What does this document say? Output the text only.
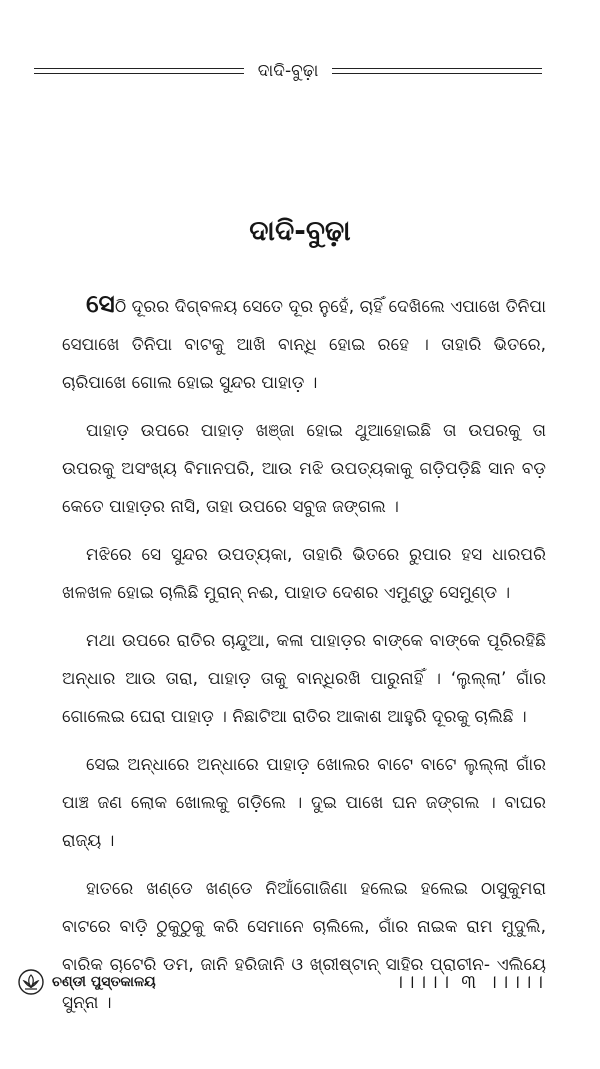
ଦାଦି-ବୁଢ଼ା
ଦାଦି-ବୁଢ଼ା

ସେଠି ଦୂରର ଦିଗ୍‌ବଳୟ ସେତେ ଦୂର ନୁହେଁ, ଚାହିଁ ଦେଖିଲେ ଏପାଖେ ତିନିପା ସେପାଖେ ତିନିପା ବାଟକୁ ଆଖି ବାନ୍ଧି ହୋଇ ରହେ । ତାହାରି ଭିତରେ, ଚାରିପାଖେ ଗୋଲ ହୋଇ ସୁନ୍ଦର ପାହାଡ଼ ।

ପାହାଡ଼ ଉପରେ ପାହାଡ଼ ଖଞ୍ଜା ହୋଇ ଥୁଆହୋଇଛି ତା ଉପରକୁ ତା ଉପରକୁ ଅସଂଖ୍ୟ ବିମାନପରି, ଆଉ ମଝି ଉପତ୍ୟକାକୁ ଗଡ଼ିପଡ଼ିଛି ସାନ ବଡ଼ କେତେ ପାହାଡ଼ର ନାସି, ତାହା ଉପରେ ସବୁଜ ଜଙ୍ଗଲ ।

ମଝିରେ ସେ ସୁନ୍ଦର ଉପତ୍ୟକା, ତାହାରି ଭିତରେ ରୁପାର ହସ ଧାରପରି ଖଳଖଳ ହୋଇ ଚାଲିଛି ମୁରାନ୍ ନଈ, ପାହାଡ ଦେଶର ଏମୁଣ୍ଡୁ ସେମୁଣ୍ଡ ।

ମଥା ଉପରେ ରାତିର ଚାନ୍ଦୁଆ, କଳା ପାହାଡ଼ର ବାଙ୍କେ ବାଙ୍କେ ପୂରିରହିଛି ଅନ୍ଧାର ଆଉ ତାରା, ପାହାଡ଼ ତାକୁ ବାନ୍ଧିରଖି ପାରୁନାହିଁ । ‘ଲୁଲ୍ଲା’ ଗାଁର ଗୋଲେଇ ଘେରା ପାହାଡ଼ । ନିଛାଟିଆ ରାତିର ଆକାଶ ଆହୁରି ଦୂରକୁ ଚାଲିଛି ।

ସେଇ ଅନ୍ଧାରେ ଅନ୍ଧାରେ ପାହାଡ଼ ଖୋଲର ବାଟେ ବାଟେ ଲୁଲ୍ଲା ଗାଁର ପାଞ୍ଚ ଜଣ ଲୋକ ଖୋଲକୁ ଗଡ଼ିଲେ । ଦୁଇ ପାଖେ ଘନ ଜଙ୍ଗଲ । ବାଘର ରାଜ୍ୟ ।

ହାତରେ ଖଣ୍ଡେ ଖଣ୍ଡେ ନିଆଁଗୋଜିଣା ହଲେଇ ହଲେଇ ଠାସୁକୁମରା ବାଟରେ ବାଡ଼ି ଠୁକୁଠୁକୁ କରି ସେମାନେ ଚାଲିଲେ, ଗାଁର ନାଇକ ରାମ ମୁଦୁଲି, ବାରିକ ଚାଟେରି ଡମ, ଜାନି ହରିଜାନି ଓ ଖ୍ରୀଷ୍ଟାନ୍ ସାହିର ପ୍ରାଚୀନ- ଏଲିୟେ ସୁନ୍ନା ।

ଚଣ୍ଡୀ ପୁସ୍ତକାଳୟ	।।।।। ୩ ।।।।।
